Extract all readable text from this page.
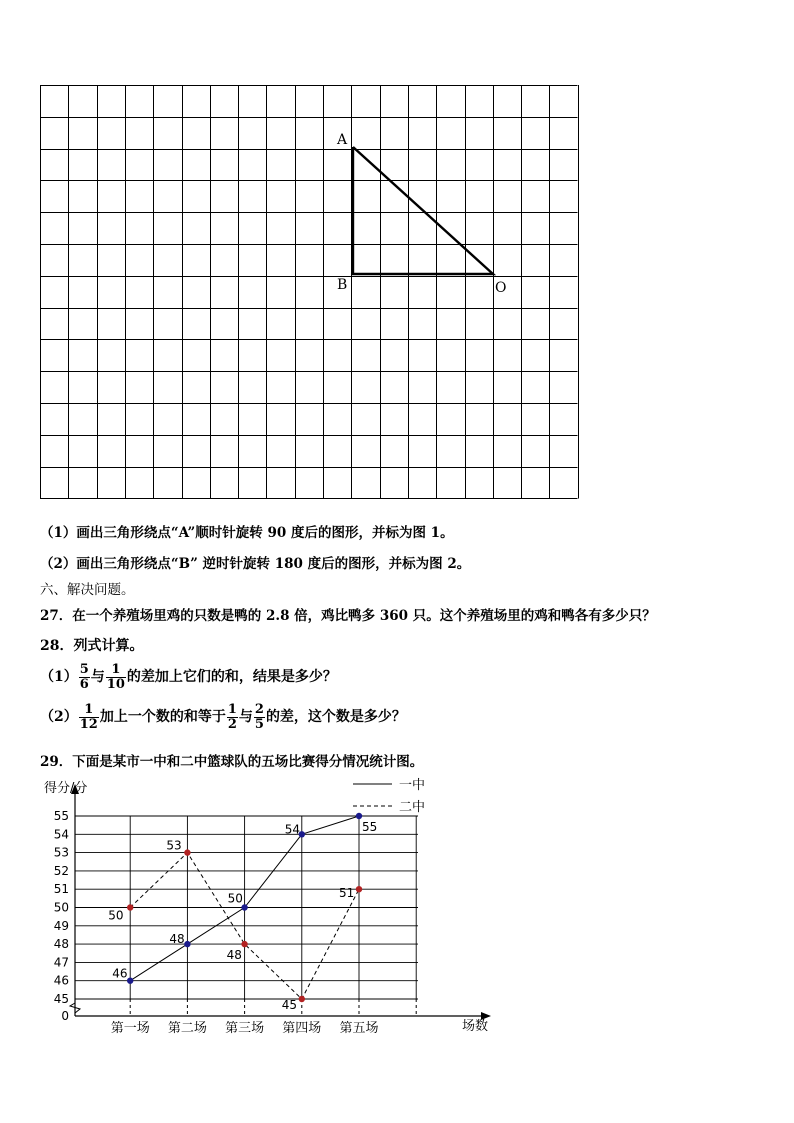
A
B	O
（1）画出三角形绕点“A”顺时针旋转 90 度后的图形，并标为图 1。
（2）画出三角形绕点“B” 逆时针旋转 180 度后的图形，并标为图 2。
六、解决问题。
27．在一个养殖场里鸡的只数是鸭的 2.8 倍，鸡比鸭多 360 只。这个养殖场里的鸡和鸭各有多少只？
28．列式计算。
$(1) \frac{5}{6}$ 与 $\frac{1}{10}$ 的差加上它们的和，结果是多少？
$(2) \frac{1}{12}$ 加上一个数的和等于 $\frac{1}{2}$ 与 $\frac{2}{5}$ 的差，这个数是多少？
29．下面是某市一中和二中篮球队的五场比赛得分情况统计图。
0
45
46
47
48
49
50
51
52
53
54
55
得分/分
场数
第一场 第二场 第三场 第四场 第五场
一中
二中
46
48
50
54	55
50
53
48
45
51
